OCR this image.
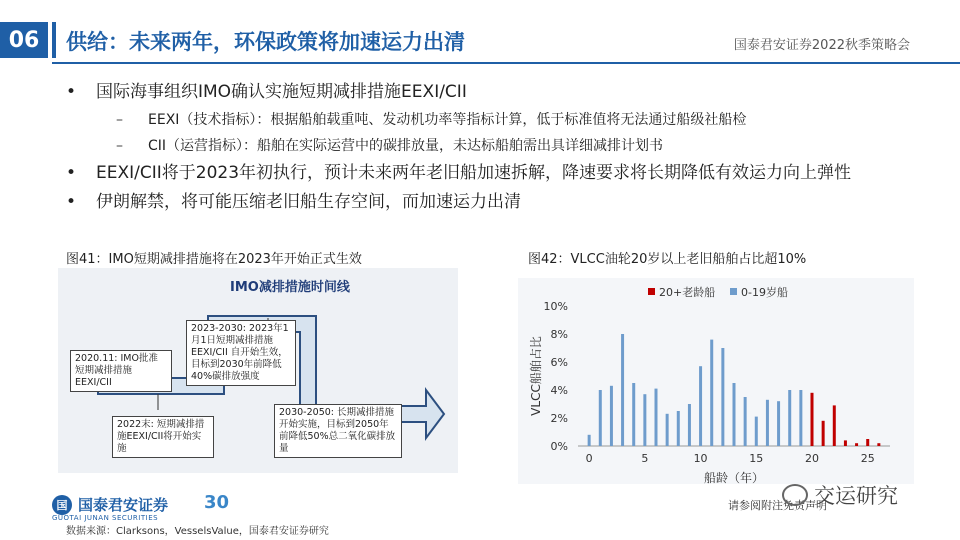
06	供给：未来两年，环保政策将加速运力出清	国泰君安证券2022秋季策略会
• 国际海事组织IMO确认实施短期减排措施EEXI/CII
– EEXI（技术指标）：根据船舶载重吨、发动机功率等指标计算，低于标准值将无法通过船级社船检
– CII（运营指标）：船舶在实际运营中的碳排放量，未达标船舶需出具详细减排计划书
• EEXI/CII将于2023年初执行，预计未来两年老旧船加速拆解，降速要求将长期降低有效运力向上弹性
• 伊朗解禁，将可能压缩老旧船生存空间，而加速运力出清
图41：IMO短期减排措施将在2023年开始正式生效
IMO减排措施时间线
2020.11: IMO批准短期减排措施EEXI/CII
2022末: 短期减排措施EEXI/CII将开始实施
2023-2030: 2023年1月1日短期减排措施 EEXI/CII 自开始生效，目标到2030年前降低40%碳排放强度
2030-2050: 长期减排措施开始实施，目标到2050年前降低50%总二氧化碳排放量
图42：VLCC油轮20岁以上老旧船舶占比超10%
0%
2%
4%
6%
8%
10%
0	5	10	15	20	25
船龄（年）
VLCC船舶占比
20+老龄船 0-19岁船
国 国泰君安证券
GUOTAI JUNAN SECURITIES
30
数据来源：Clarksons，VesselsValue，国泰君安证券研究
请参阅附注免责声明
交运研究
